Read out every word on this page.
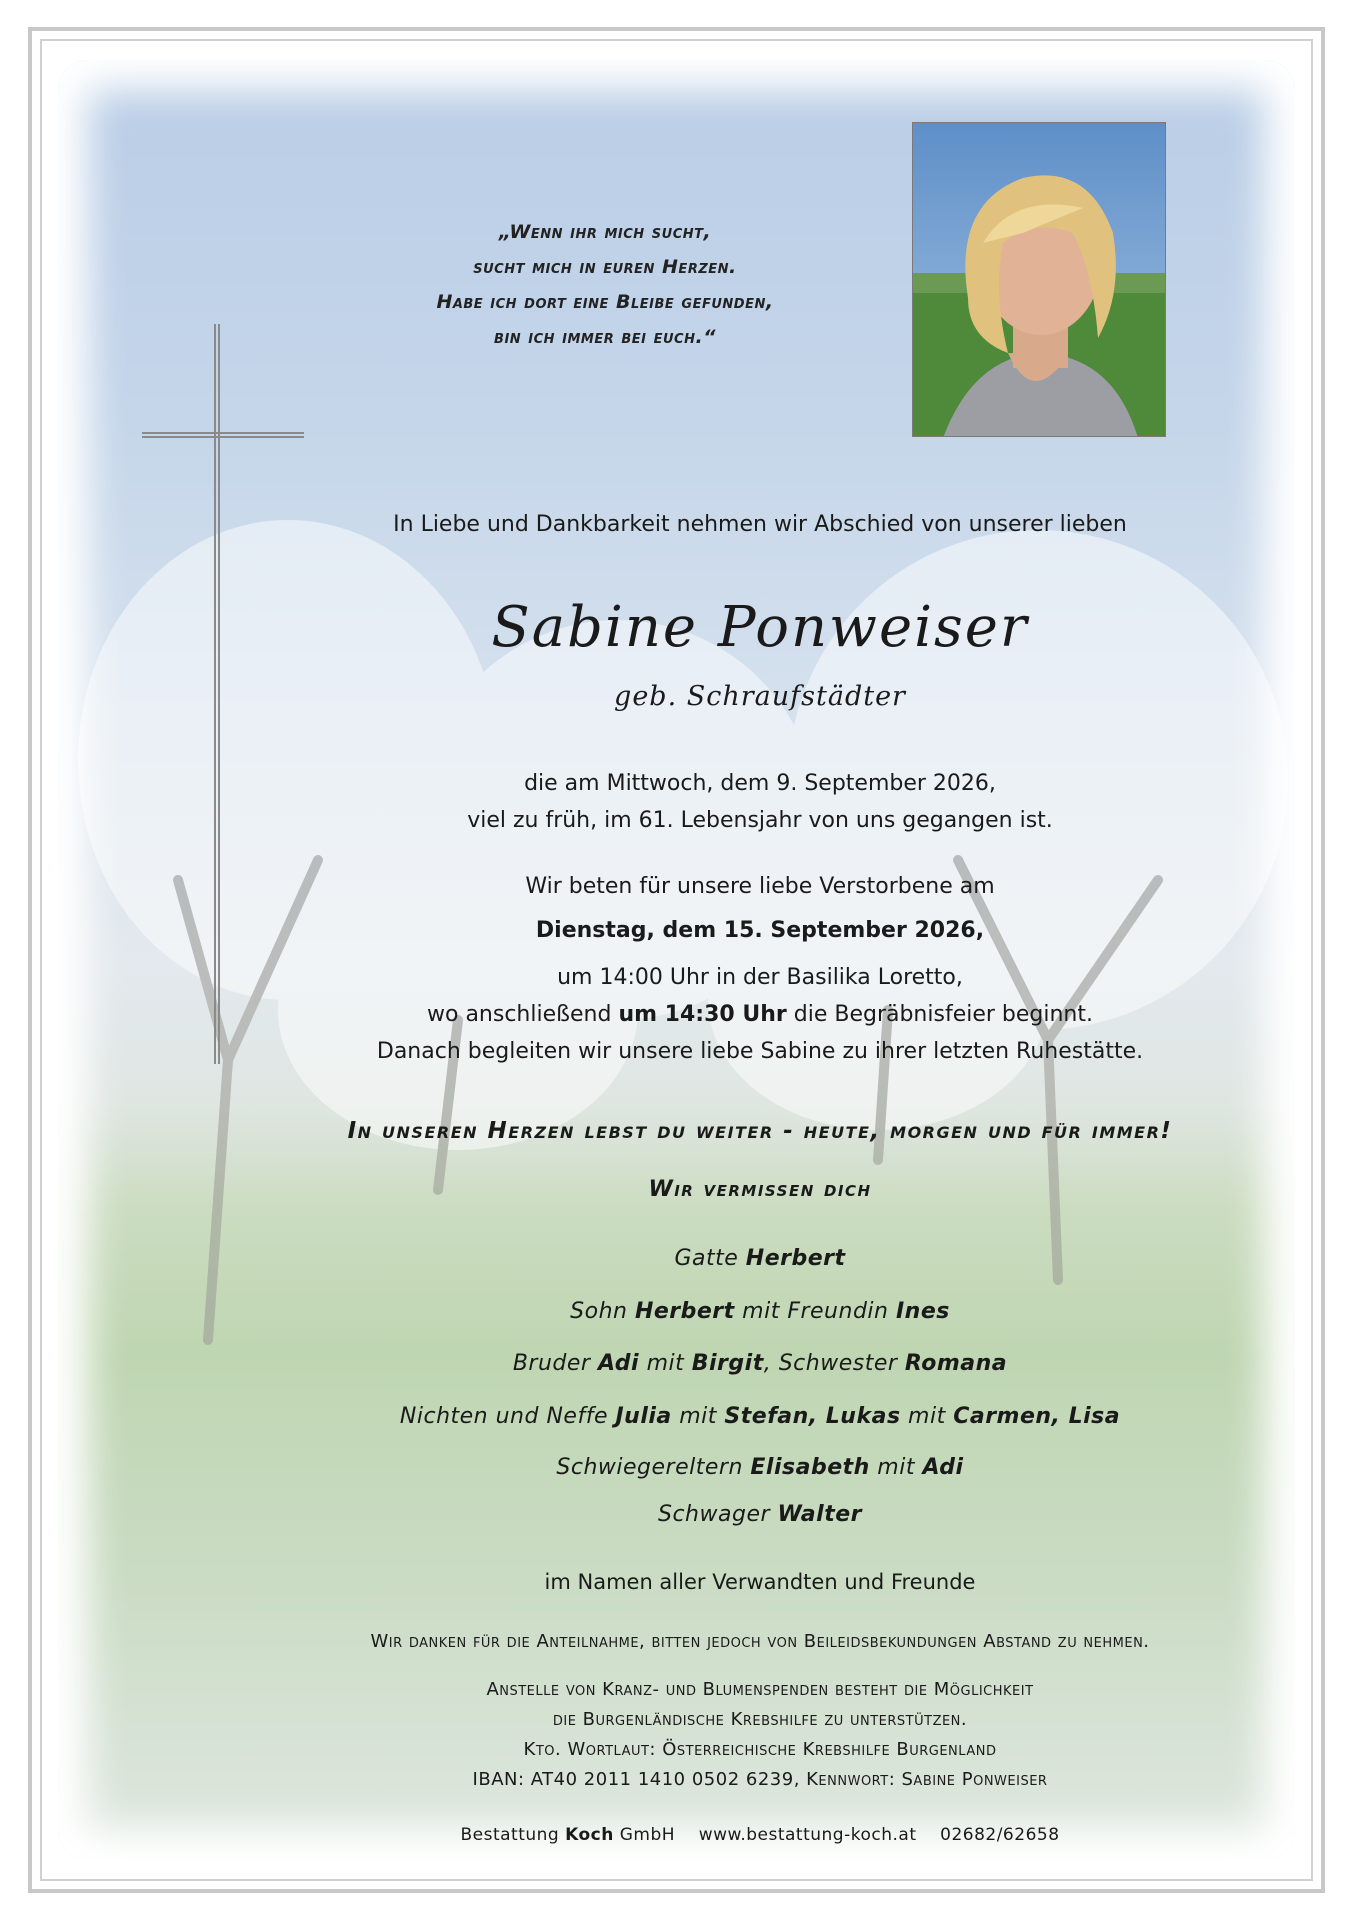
„Wenn ihr mich sucht,
sucht mich in euren Herzen.
Habe ich dort eine Bleibe gefunden,
bin ich immer bei euch.“
In Liebe und Dankbarkeit nehmen wir Abschied von unserer lieben
Sabine Ponweiser
geb. Schraufstädter
die am Mittwoch, dem 9. September 2026,
viel zu früh, im 61. Lebensjahr von uns gegangen ist.
Wir beten für unsere liebe Verstorbene am
Dienstag, dem 15. September 2026,
um 14:00 Uhr in der Basilika Loretto,
wo anschließend um 14:30 Uhr die Begräbnisfeier beginnt.
Danach begleiten wir unsere liebe Sabine zu ihrer letzten Ruhestätte.
In unseren Herzen lebst du weiter - heute, morgen und für immer!
Wir vermissen dich
Gatte Herbert
Sohn Herbert mit Freundin Ines
Bruder Adi mit Birgit, Schwester Romana
Nichten und Neffe Julia mit Stefan, Lukas mit Carmen, Lisa
Schwiegereltern Elisabeth mit Adi
Schwager Walter
im Namen aller Verwandten und Freunde
Wir danken für die Anteilnahme, bitten jedoch von Beileidsbekundungen Abstand zu nehmen.
Anstelle von Kranz- und Blumenspenden besteht die Möglichkeit
die Burgenländische Krebshilfe zu unterstützen.
Kto. Wortlaut: Österreichische Krebshilfe Burgenland
IBAN: AT40 2011 1410 0502 6239, Kennwort: Sabine Ponweiser
Bestattung Koch GmbH www.bestattung-koch.at 02682/62658
